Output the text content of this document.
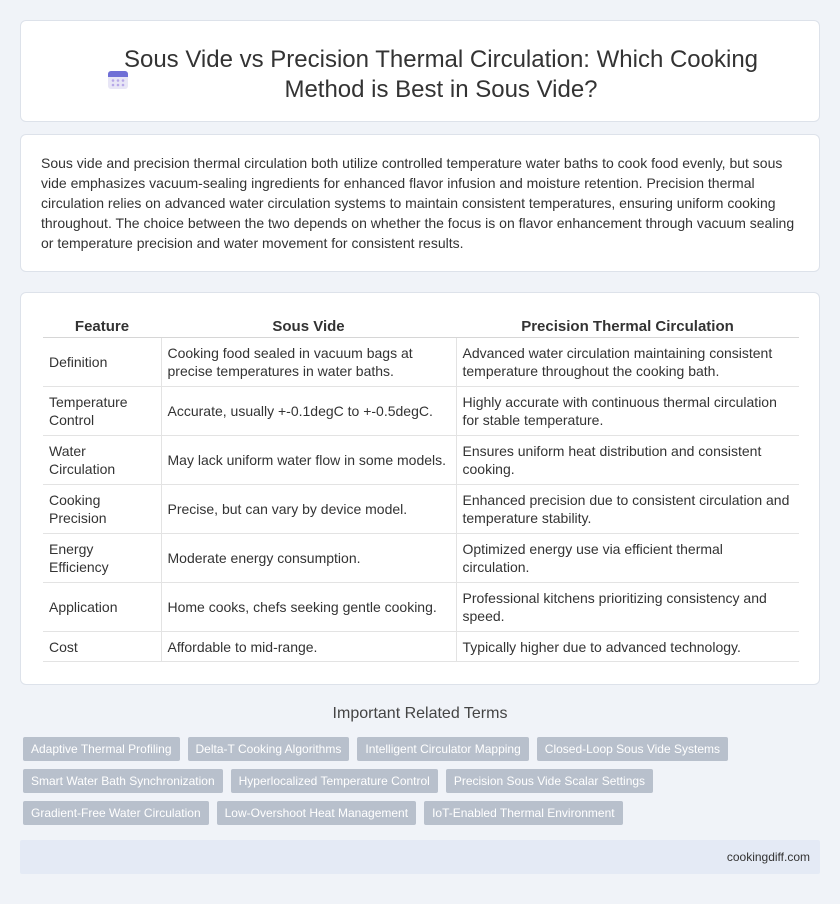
Sous Vide vs Precision Thermal Circulation: Which Cooking Method is Best in Sous Vide?

Sous vide and precision thermal circulation both utilize controlled temperature water baths to cook food evenly, but sous vide emphasizes vacuum-sealing ingredients for enhanced flavor infusion and moisture retention. Precision thermal circulation relies on advanced water circulation systems to maintain consistent temperatures, ensuring uniform cooking throughout. The choice between the two depends on whether the focus is on flavor enhancement through vacuum sealing or temperature precision and water movement for consistent results.

Feature	Sous Vide	Precision Thermal Circulation
Definition	Cooking food sealed in vacuum bags at precise temperatures in water baths.	Advanced water circulation maintaining consistent temperature throughout the cooking bath.
Temperature Control	Accurate, usually +-0.1degC to +-0.5degC.	Highly accurate with continuous thermal circulation for stable temperature.
Water Circulation	May lack uniform water flow in some models.	Ensures uniform heat distribution and consistent cooking.
Cooking Precision	Precise, but can vary by device model.	Enhanced precision due to consistent circulation and temperature stability.
Energy Efficiency	Moderate energy consumption.	Optimized energy use via efficient thermal circulation.
Application	Home cooks, chefs seeking gentle cooking.	Professional kitchens prioritizing consistency and speed.
Cost	Affordable to mid-range.	Typically higher due to advanced technology.
Important Related Terms
Adaptive Thermal Profiling	Delta-T Cooking Algorithms	Intelligent Circulator Mapping	Closed-Loop Sous Vide Systems
Smart Water Bath Synchronization	Hyperlocalized Temperature Control	Precision Sous Vide Scalar Settings
Gradient-Free Water Circulation	Low-Overshoot Heat Management	IoT-Enabled Thermal Environment
cookingdiff.com
